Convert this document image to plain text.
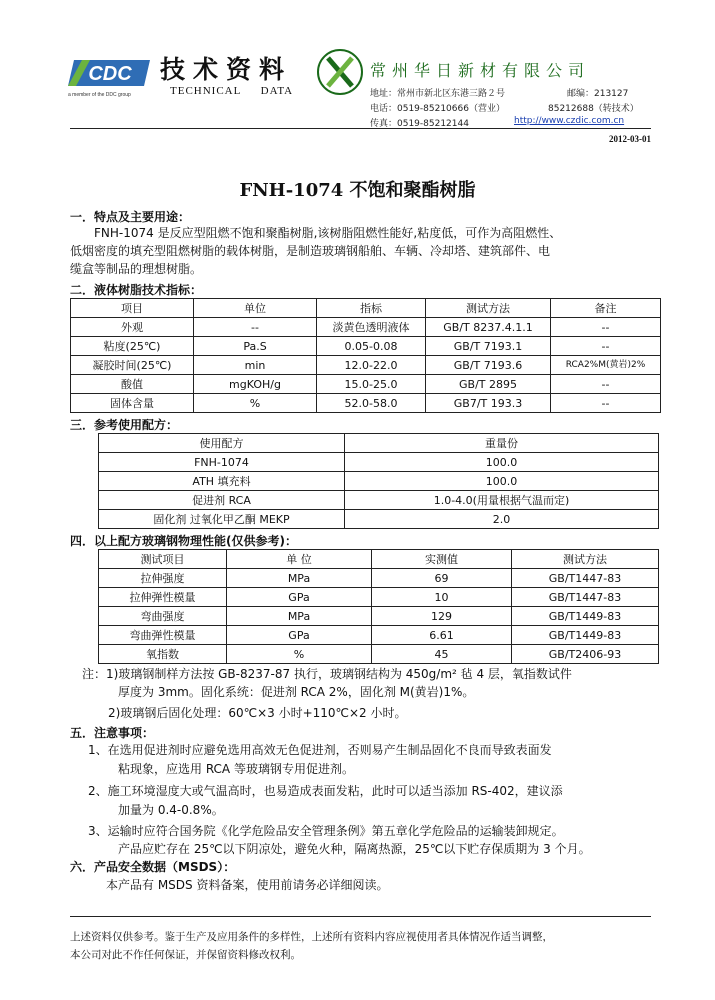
CDC
a member of the DDC group
技术资料
TECHNICAL DATA
常州华日新材有限公司
地址：常州市新北区东港三路２号	邮编：213127
电话：0519-85210666（营业）	85212688（转技术）
传真：0519-85212144	http://www.czdic.com.cn
2012-03-01
FNH-1074 不饱和聚酯树脂
一．特点及主要用途：
FNH-1074 是反应型阻燃不饱和聚酯树脂,该树脂阻燃性能好,粘度低，可作为高阻燃性、
低烟密度的填充型阻燃树脂的载体树脂，是制造玻璃钢船舶、车辆、冷却塔、建筑部件、电
缆盒等制品的理想树脂。
二．液体树脂技术指标：
项目	单位	指标	测试方法	备注
外观	--	淡黄色透明液体	GB/T 8237.4.1.1	--
粘度(25℃)	Pa.S	0.05-0.08	GB/T 7193.1	--
凝胶时间(25℃)	min	12.0-22.0	GB/T 7193.6	RCA2%M(黄岩)2%
酸值	mgKOH/g	15.0-25.0	GB/T 2895	--
固体含量	%	52.0-58.0	GB7/T 193.3	--
三．参考使用配方：
使用配方	重量份
FNH-1074	100.0
ATH 填充料	100.0
促进剂 RCA	1.0-4.0(用量根据气温而定)
固化剂 过氧化甲乙酮 MEKP	2.0
四．以上配方玻璃钢物理性能(仅供参考)：
测试项目	单 位	实测值	测试方法
拉伸强度	MPa	69	GB/T1447-83
拉伸弹性模量	GPa	10	GB/T1447-83
弯曲强度	MPa	129	GB/T1449-83
弯曲弹性模量	GPa	6.61	GB/T1449-83
氧指数	%	45	GB/T2406-93
注：1)玻璃钢制样方法按 GB-8237-87 执行，玻璃钢结构为 450g/m² 毡 4 层，氧指数试件
厚度为 3mm。固化系统：促进剂 RCA 2%，固化剂 M(黄岩)1%。
2)玻璃钢后固化处理：60℃×3 小时+110℃×2 小时。
五．注意事项：
1、在选用促进剂时应避免选用高效无色促进剂，否则易产生制品固化不良而导致表面发
粘现象，应选用 RCA 等玻璃钢专用促进剂。
2、施工环境湿度大或气温高时，也易造成表面发粘，此时可以适当添加 RS-402，建议添
加量为 0.4-0.8%。
3、运输时应符合国务院《化学危险品安全管理条例》第五章化学危险品的运输装卸规定。
产品应贮存在 25℃以下阴凉处，避免火种，隔离热源，25℃以下贮存保质期为 3 个月。
六．产品安全数据（MSDS）：
本产品有 MSDS 资料备案，使用前请务必详细阅读。
上述资料仅供参考。鉴于生产及应用条件的多样性，上述所有资料内容应视使用者具体情况作适当调整，
本公司对此不作任何保证，并保留资料修改权利。
